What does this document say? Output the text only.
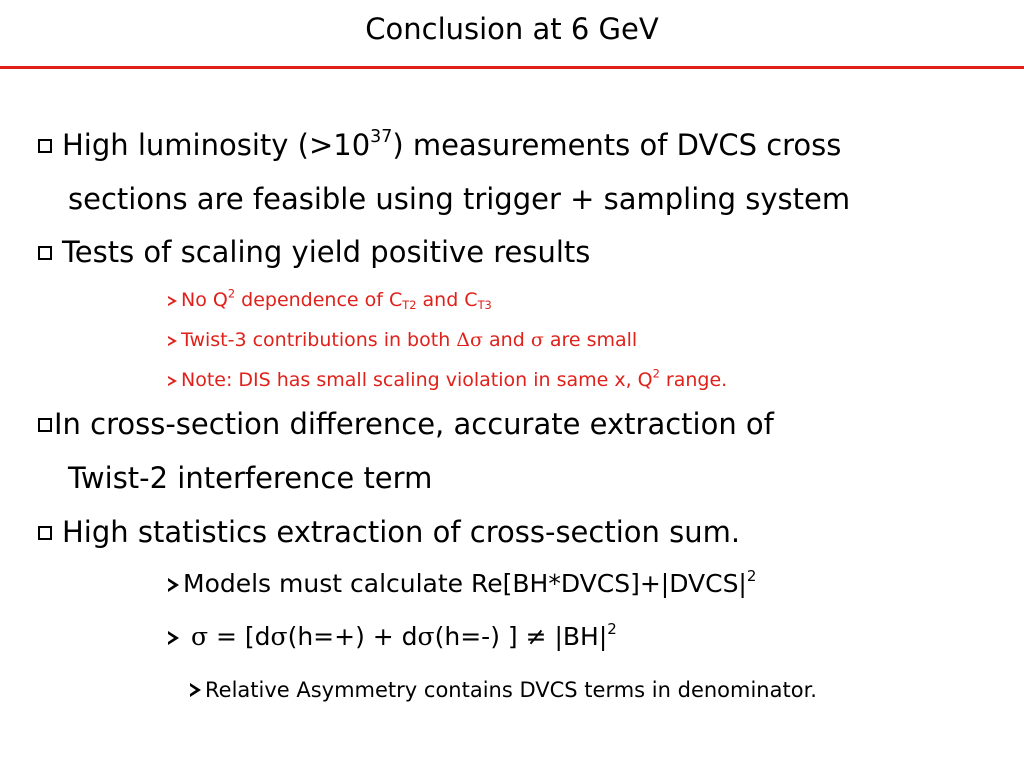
Conclusion at 6 GeV
High luminosity $(>10^{37})$ measurements of DVCS cross
sections are feasible using trigger + sampling system
Tests of scaling yield positive results
No $Q^2$ dependence of $C_{T2}$ and $C_{T3}$
Twist-3 contributions in both Δσ and σ are small
Note: DIS has small scaling violation in same x, $Q^2$ range.
In cross-section difference, accurate extraction of
Twist-2 interference term
High statistics extraction of cross-section sum.
Models must calculate $Re[BH*DVCS]+|DVCS|^2$
σ = [dσ(h=+) + dσ(h=-) ] ≠ $|BH|^2$
Relative Asymmetry contains DVCS terms in denominator.
